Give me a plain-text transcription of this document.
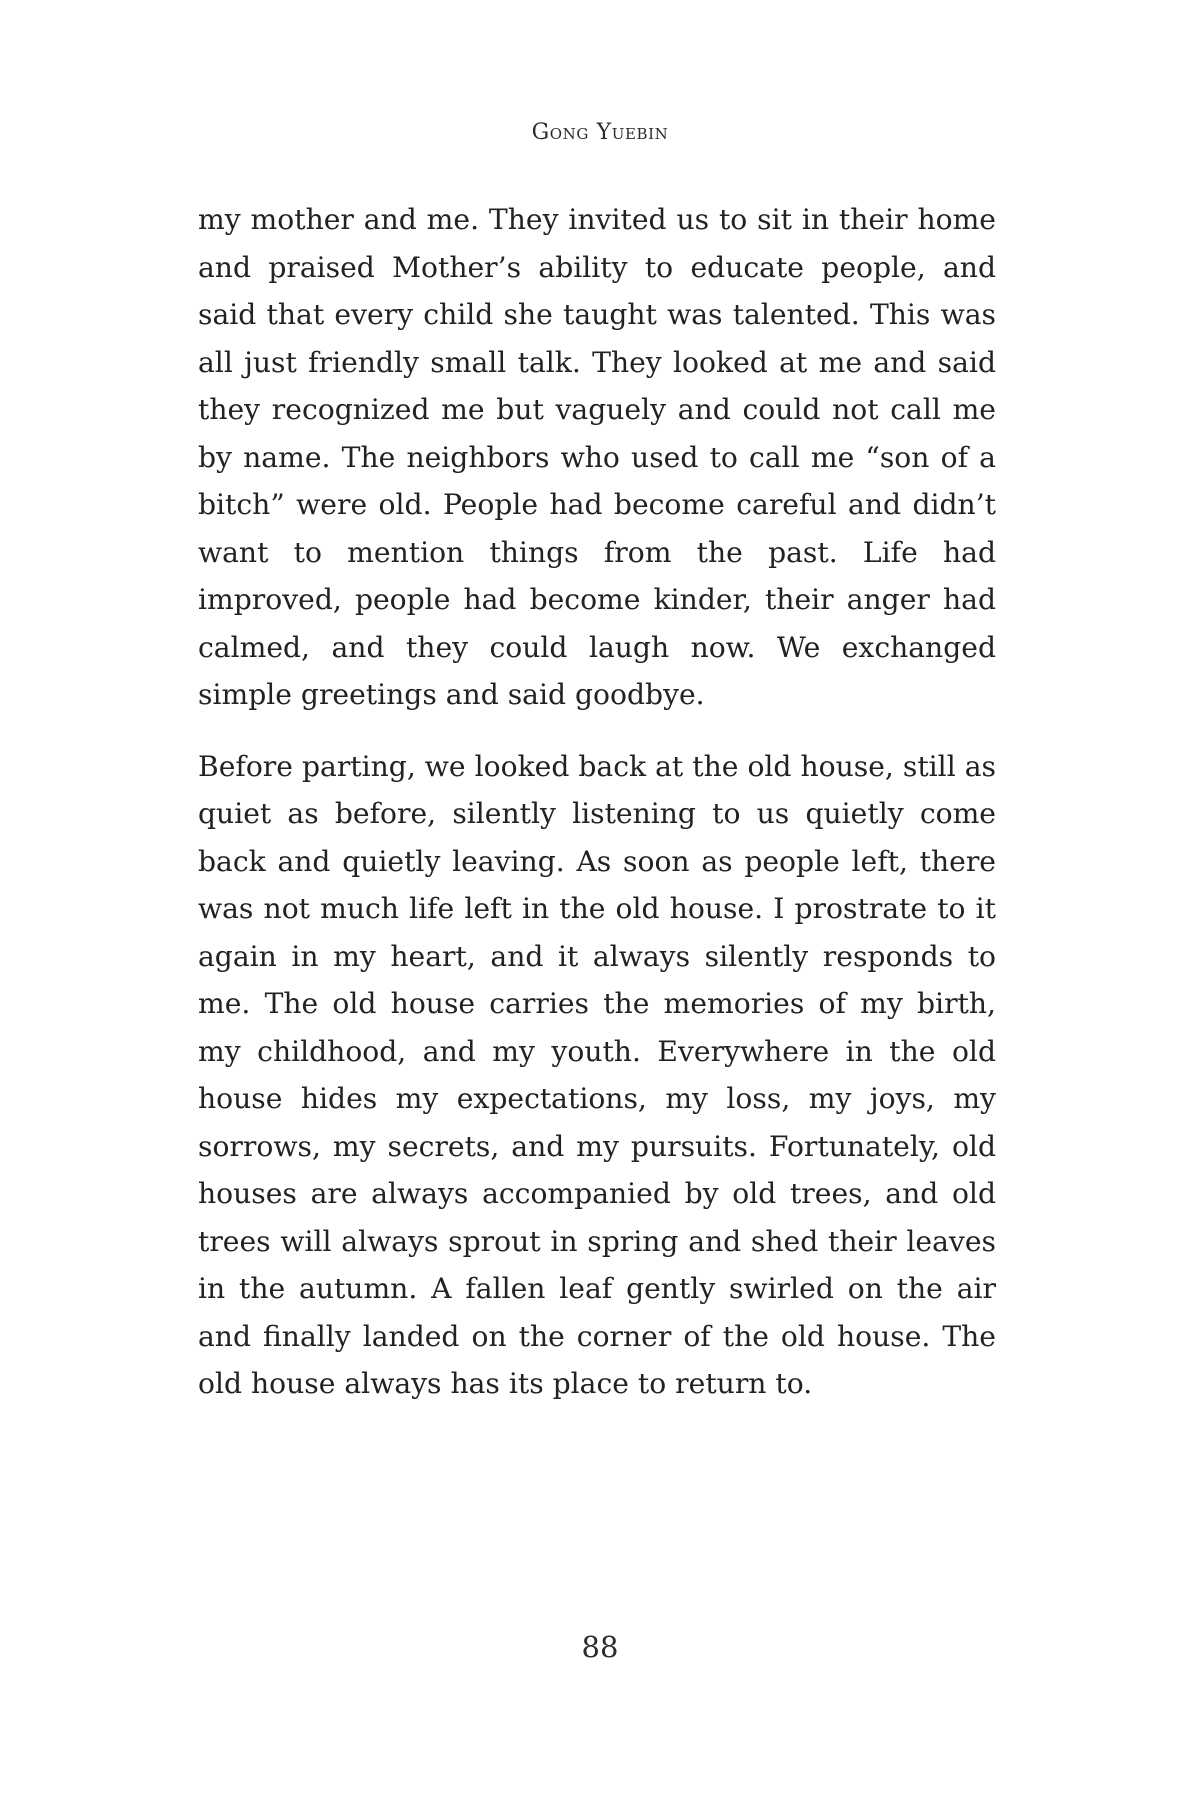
Gong Yuebin

my mother and me. They invited us to sit in their home and praised Mother’s ability to educate people, and said that every child she taught was talented. This was all just friendly small talk. They looked at me and said they recognized me but vaguely and could not call me by name. The neighbors who used to call me “son of a bitch” were old. People had become careful and didn’t want to mention things from the past. Life had improved, people had become kinder, their anger had calmed, and they could laugh now. We exchanged simple greetings and said goodbye.

Before parting, we looked back at the old house, still as quiet as before, silently listening to us quietly come back and quietly leaving. As soon as people left, there was not much life left in the old house. I prostrate to it again in my heart, and it always silently responds to me. The old house carries the memories of my birth, my childhood, and my youth. Everywhere in the old house hides my expectations, my loss, my joys, my sorrows, my secrets, and my pursuits. Fortunately, old houses are always accompanied by old trees, and old trees will always sprout in spring and shed their leaves in the autumn. A fallen leaf gently swirled on the air and finally landed on the corner of the old house. The old house always has its place to return to.

88
